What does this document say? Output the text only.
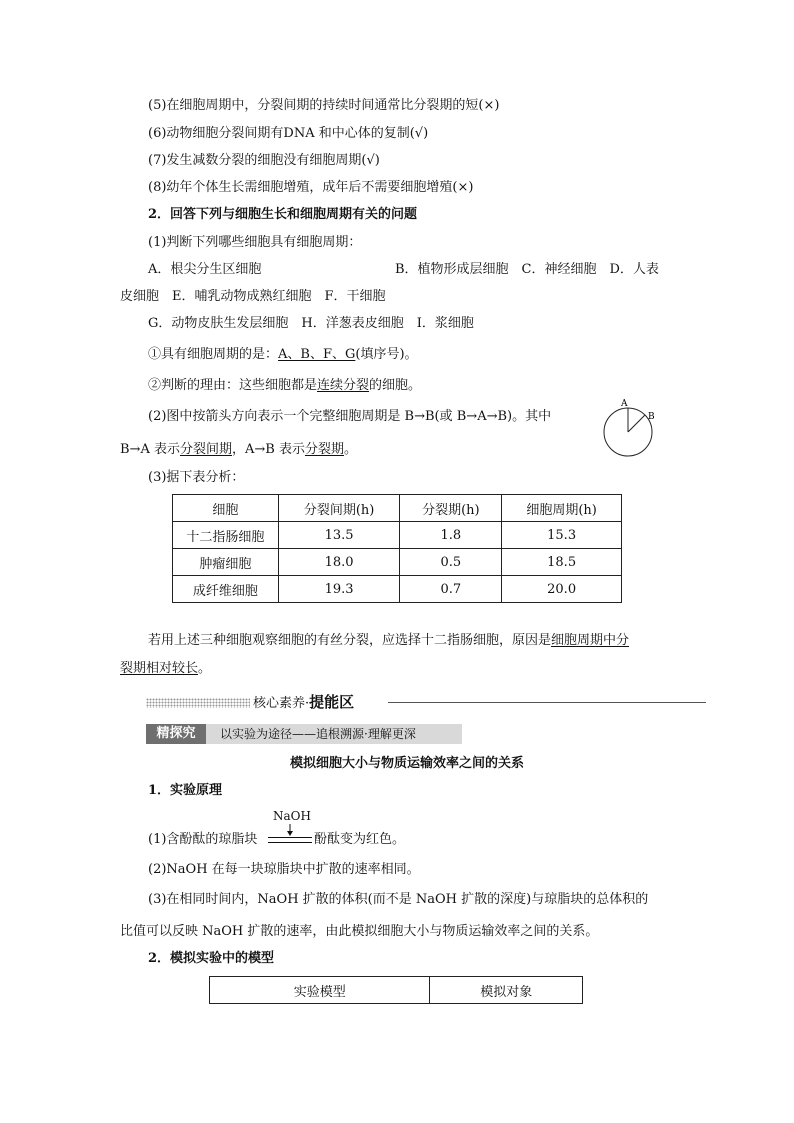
(5)在细胞周期中，分裂间期的持续时间通常比分裂期的短(×)
(6)动物细胞分裂间期有DNA 和中心体的复制(√)
(7)发生减数分裂的细胞没有细胞周期(√)
(8)幼年个体生长需细胞增殖，成年后不需要细胞增殖(×)
2．回答下列与细胞生长和细胞周期有关的问题
(1)判断下列哪些细胞具有细胞周期：
A．根尖分生区细胞	B．植物形成层细胞　C．神经细胞　D．人表
皮细胞　E．哺乳动物成熟红细胞　F．干细胞
G．动物皮肤生发层细胞　H．洋葱表皮细胞　I．浆细胞
①具有细胞周期的是：A、B、F、G(填序号)。
②判断的理由：这些细胞都是连续分裂的细胞。
(2)图中按箭头方向表示一个完整细胞周期是 B→B(或 B→A→B)。其中
B→A 表示分裂间期，A→B 表示分裂期。
A
B
(3)据下表分析：
细胞	分裂间期(h)	分裂期(h)	细胞周期(h)
十二指肠细胞	13.5	1.8	15.3
肿瘤细胞	18.0	0.5	18.5
成纤维细胞	19.3	0.7	20.0
若用上述三种细胞观察细胞的有丝分裂，应选择十二指肠细胞，原因是细胞周期中分
裂期相对较长。
核心素养·提能区
精探究	以实验为途径——追根溯源·理解更深
模拟细胞大小与物质运输效率之间的关系
1．实验原理
NaOH
(1)含酚酞的琼脂块	酚酞变为红色。
(2)NaOH 在每一块琼脂块中扩散的速率相同。
(3)在相同时间内，NaOH 扩散的体积(而不是 NaOH 扩散的深度)与琼脂块的总体积的
比值可以反映 NaOH 扩散的速率，由此模拟细胞大小与物质运输效率之间的关系。
2．模拟实验中的模型
实验模型	模拟对象
